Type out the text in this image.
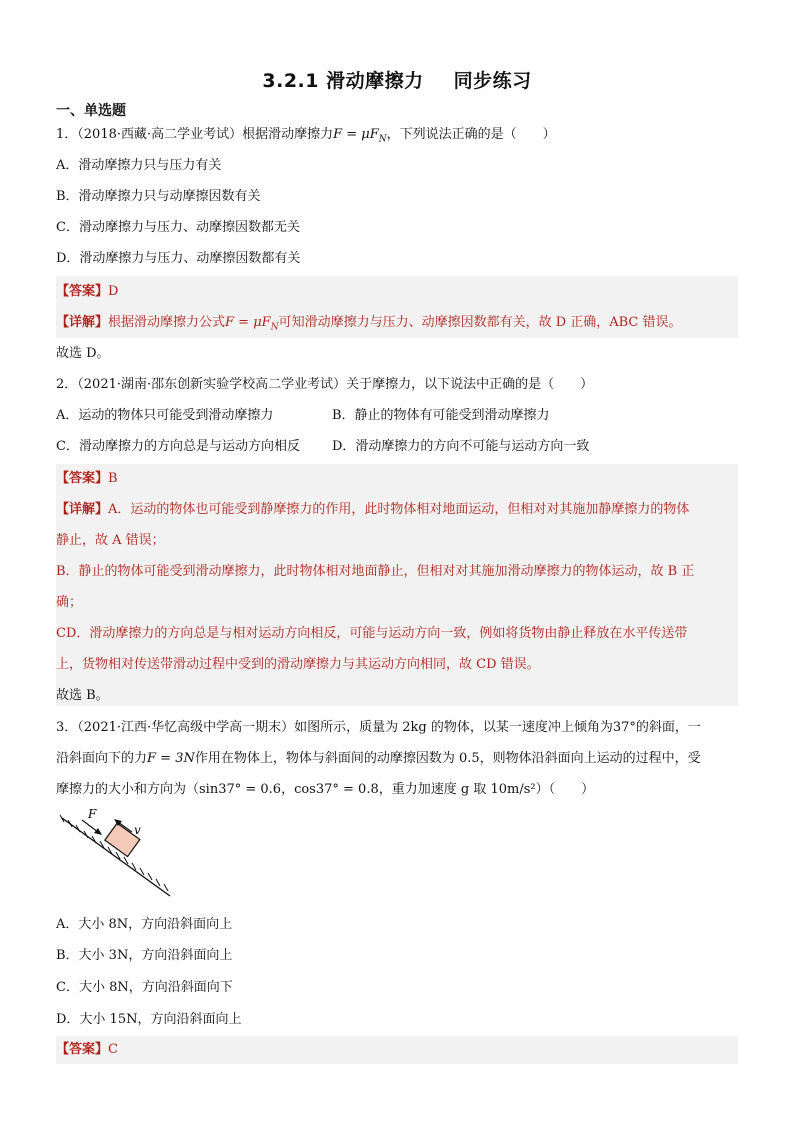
3.2.1 滑动摩擦力 同步练习
一、单选题
1．（2018·西藏·高二学业考试）根据滑动摩擦力$F = \mu F_N$，下列说法正确的是（　　）
A．滑动摩擦力只与压力有关
B．滑动摩擦力只与动摩擦因数有关
C．滑动摩擦力与压力、动摩擦因数都无关
D．滑动摩擦力与压力、动摩擦因数都有关
【答案】D
【详解】根据滑动摩擦力公式$F = \mu F_N$可知滑动摩擦力与压力、动摩擦因数都有关，故 D 正确，ABC 错误。
故选 D。
2．（2021·湖南·邵东创新实验学校高二学业考试）关于摩擦力，以下说法中正确的是（　　）
A．运动的物体只可能受到滑动摩擦力	B．静止的物体有可能受到滑动摩擦力
C．滑动摩擦力的方向总是与运动方向相反 D．滑动摩擦力的方向不可能与运动方向一致
【答案】B
【详解】A．运动的物体也可能受到静摩擦力的作用，此时物体相对地面运动，但相对对其施加静摩擦力的物体
静止，故 A 错误；
B．静止的物体可能受到滑动摩擦力，此时物体相对地面静止，但相对对其施加滑动摩擦力的物体运动，故 B 正
确；
CD．滑动摩擦力的方向总是与相对运动方向相反，可能与运动方向一致，例如将货物由静止释放在水平传送带
上，货物相对传送带滑动过程中受到的滑动摩擦力与其运动方向相同，故 CD 错误。
故选 B。
3．（2021·江西·华忆高级中学高一期末）如图所示，质量为 2kg 的物体，以某一速度冲上倾角为37°的斜面，一
沿斜面向下的力F = 3N作用在物体上，物体与斜面间的动摩擦因数为 0.5，则物体沿斜面向上运动的过程中，受
摩擦力的大小和方向为（sin37° = 0.6，cos37° = 0.8，重力加速度 g 取 10m/s²）（　　）
F
v
A．大小 8N，方向沿斜面向上
B．大小 3N，方向沿斜面向上
C．大小 8N，方向沿斜面向下
D．大小 15N，方向沿斜面向上
【答案】C
